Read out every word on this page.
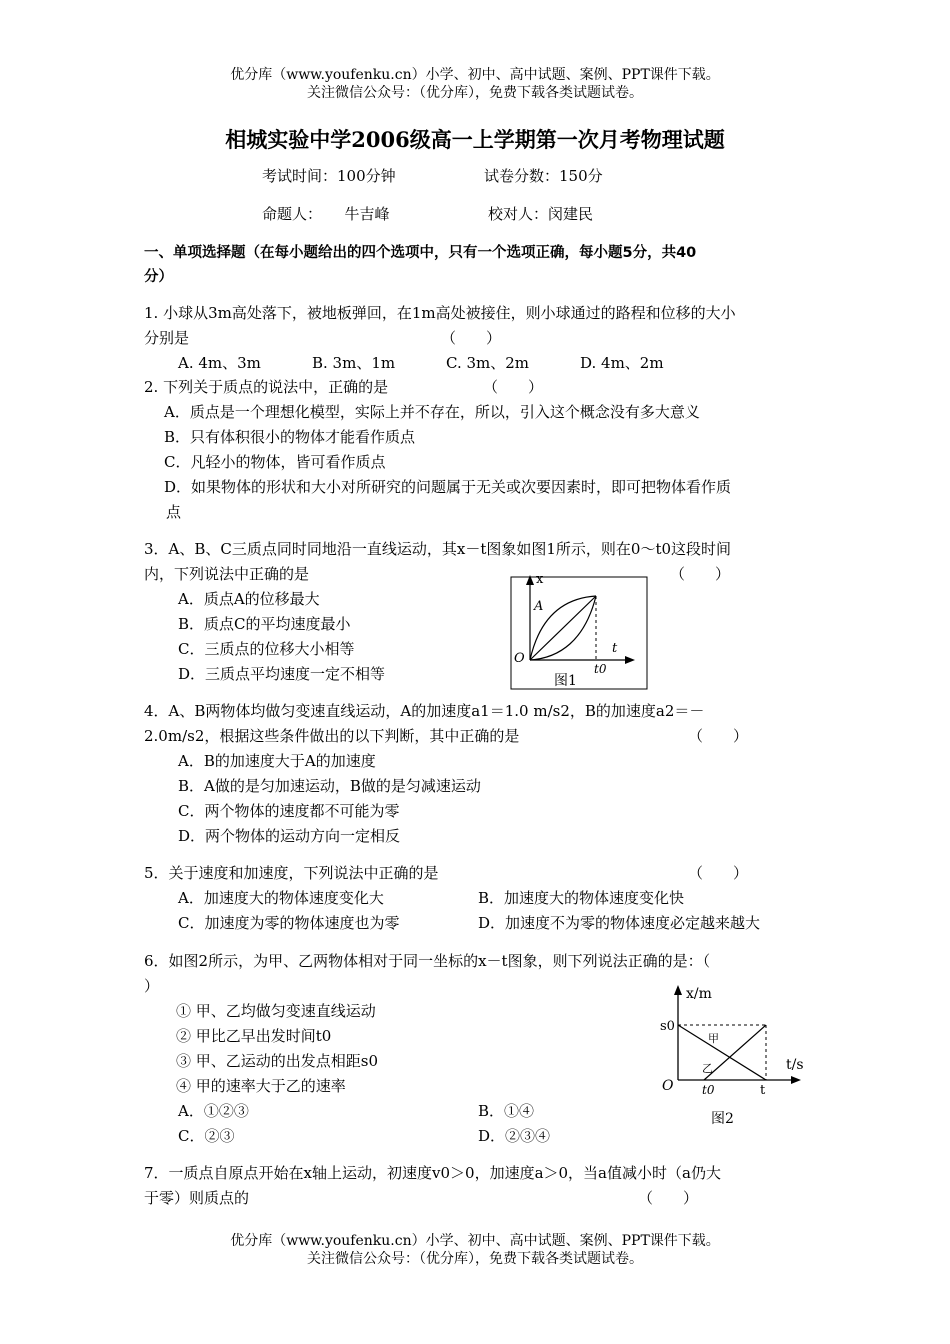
优分库（www.youfenku.cn）小学、初中、高中试题、案例、PPT课件下载。
关注微信公众号：（优分库），免费下载各类试题试卷。
相城实验中学2006级高一上学期第一次月考物理试题
考试时间：100分钟	试卷分数：150分
命题人：　　牛吉峰	校对人：闵建民
一、单项选择题（在每小题给出的四个选项中，只有一个选项正确，每小题5分，共40
分）
1. 小球从3m高处落下，被地板弹回，在1m高处被接住，则小球通过的路程和位移的大小
分别是	（　　）
A. 4m、3m	B. 3m、1m	C. 3m、2m	D. 4m、2m
2. 下列关于质点的说法中，正确的是	（　　）
A．质点是一个理想化模型，实际上并不存在，所以，引入这个概念没有多大意义
B．只有体积很小的物体才能看作质点
C．凡轻小的物体，皆可看作质点
D．如果物体的形状和大小对所研究的问题属于无关或次要因素时，即可把物体看作质
点
3．A、B、C三质点同时同地沿一直线运动，其x－t图象如图1所示，则在0～t0这段时间
内，下列说法中正确的是	（　　）
A．质点A的位移最大
B．质点C的平均速度最小
C．三质点的位移大小相等
D．三质点平均速度一定不相等
x
A
O
t
t0
图1
4．A、B两物体均做匀变速直线运动，A的加速度a1＝1.0 m/s2，B的加速度a2＝－
2.0m/s2，根据这些条件做出的以下判断，其中正确的是	（　　）
A．B的加速度大于A的加速度
B．A做的是匀加速运动，B做的是匀减速运动
C．两个物体的速度都不可能为零
D．两个物体的运动方向一定相反
5．关于速度和加速度，下列说法中正确的是	（　　）
A．加速度大的物体速度变化大	B．加速度大的物体速度变化快
C．加速度为零的物体速度也为零	D．加速度不为零的物体速度必定越来越大
6．如图2所示，为甲、乙两物体相对于同一坐标的x－t图象，则下列说法正确的是：（
）
① 甲、乙均做匀变速直线运动
② 甲比乙早出发时间t0
③ 甲、乙运动的出发点相距s0
④ 甲的速率大于乙的速率
A．①②③	B．①④
C．②③	D．②③④
x/m
s0
甲
乙	t/s
O t0	t
图2
7．一质点自原点开始在x轴上运动，初速度v0＞0，加速度a＞0，当a值减小时（a仍大
于零）则质点的	（　　）
优分库（www.youfenku.cn）小学、初中、高中试题、案例、PPT课件下载。
关注微信公众号：（优分库），免费下载各类试题试卷。
